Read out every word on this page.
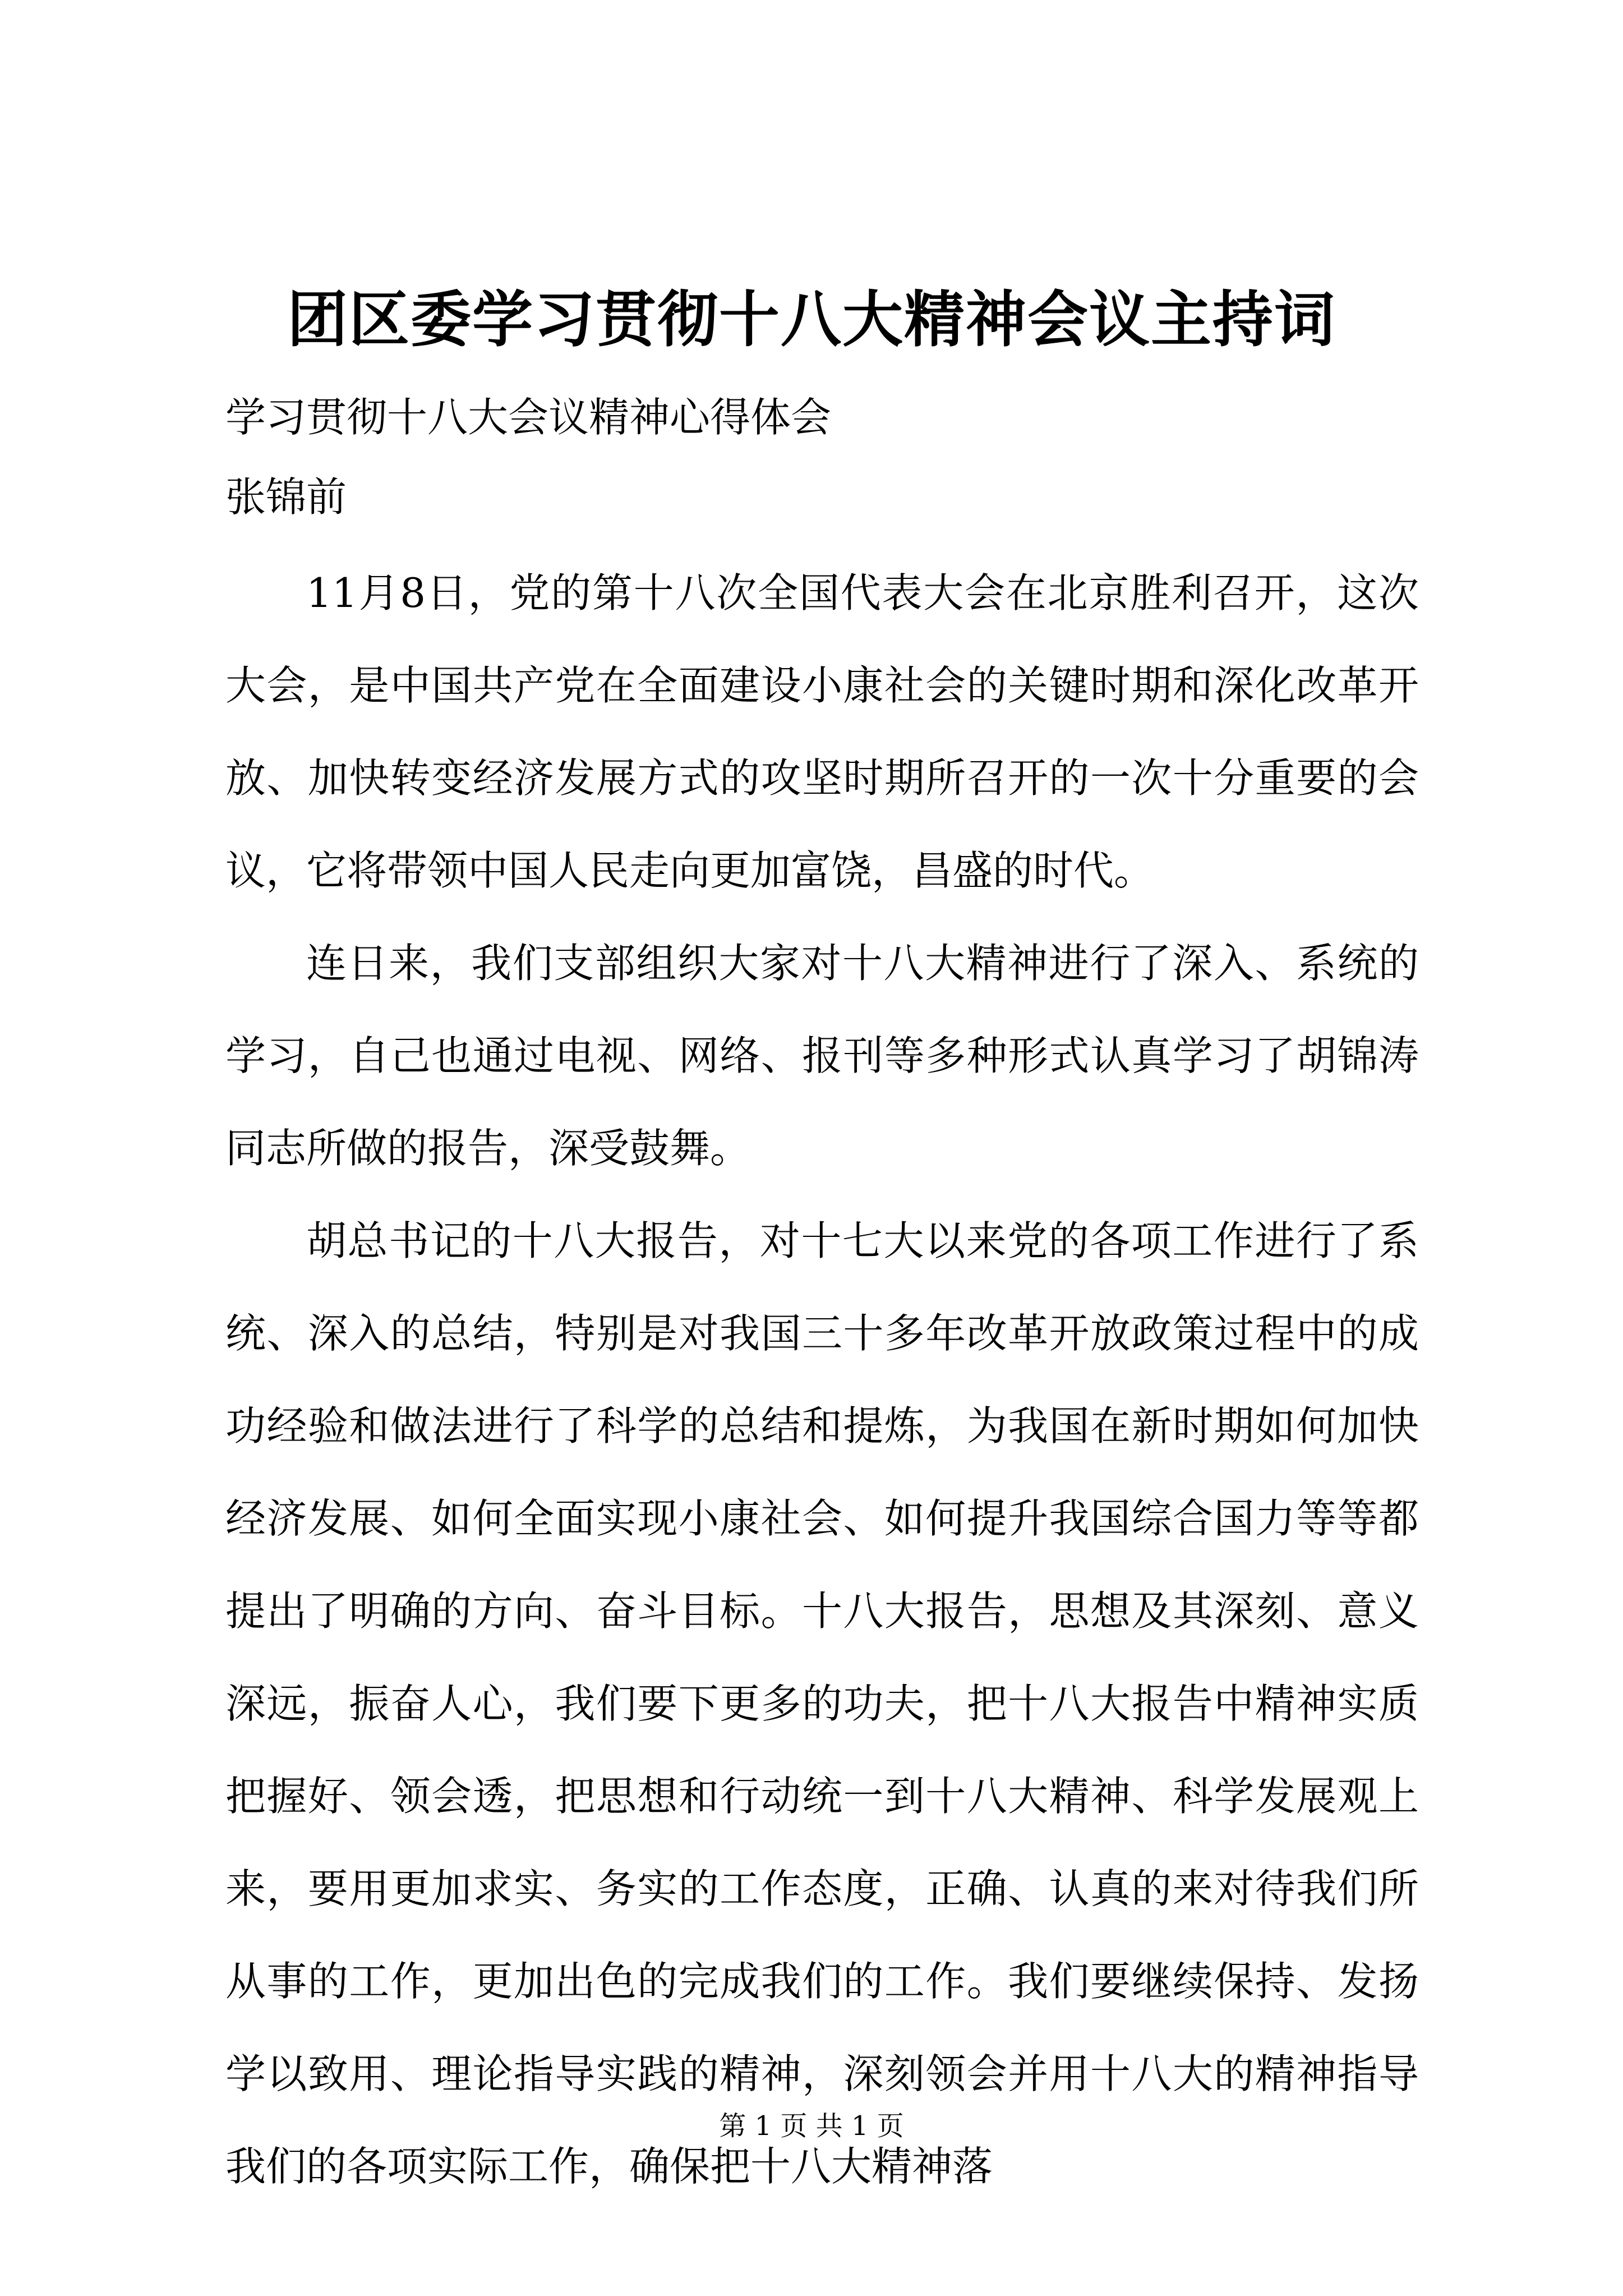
团区委学习贯彻十八大精神会议主持词
学习贯彻十八大会议精神心得体会
张锦前

11月8日，党的第十八次全国代表大会在北京胜利召开，这次大会，是中国共产党在全面建设小康社会的关键时期和深化改革开放、加快转变经济发展方式的攻坚时期所召开的一次十分重要的会议，它将带领中国人民走向更加富饶，昌盛的时代。

连日来，我们支部组织大家对十八大精神进行了深入、系统的学习，自己也通过电视、网络、报刊等多种形式认真学习了胡锦涛同志所做的报告，深受鼓舞。

胡总书记的十八大报告，对十七大以来党的各项工作进行了系统、深入的总结，特别是对我国三十多年改革开放政策过程中的成功经验和做法进行了科学的总结和提炼，为我国在新时期如何加快经济发展、如何全面实现小康社会、如何提升我国综合国力等等都提出了明确的方向、奋斗目标。十八大报告，思想及其深刻、意义深远，振奋人心，我们要下更多的功夫，把十八大报告中精神实质把握好、领会透，把思想和行动统一到十八大精神、科学发展观上来，要用更加求实、务实的工作态度，正确、认真的来对待我们所从事的工作，更加出色的完成我们的工作。我们要继续保持、发扬学以致用、理论指导实践的精神，深刻领会并用十八大的精神指导我们的各项实际工作，确保把十八大精神落

第 1 页 共 1 页
